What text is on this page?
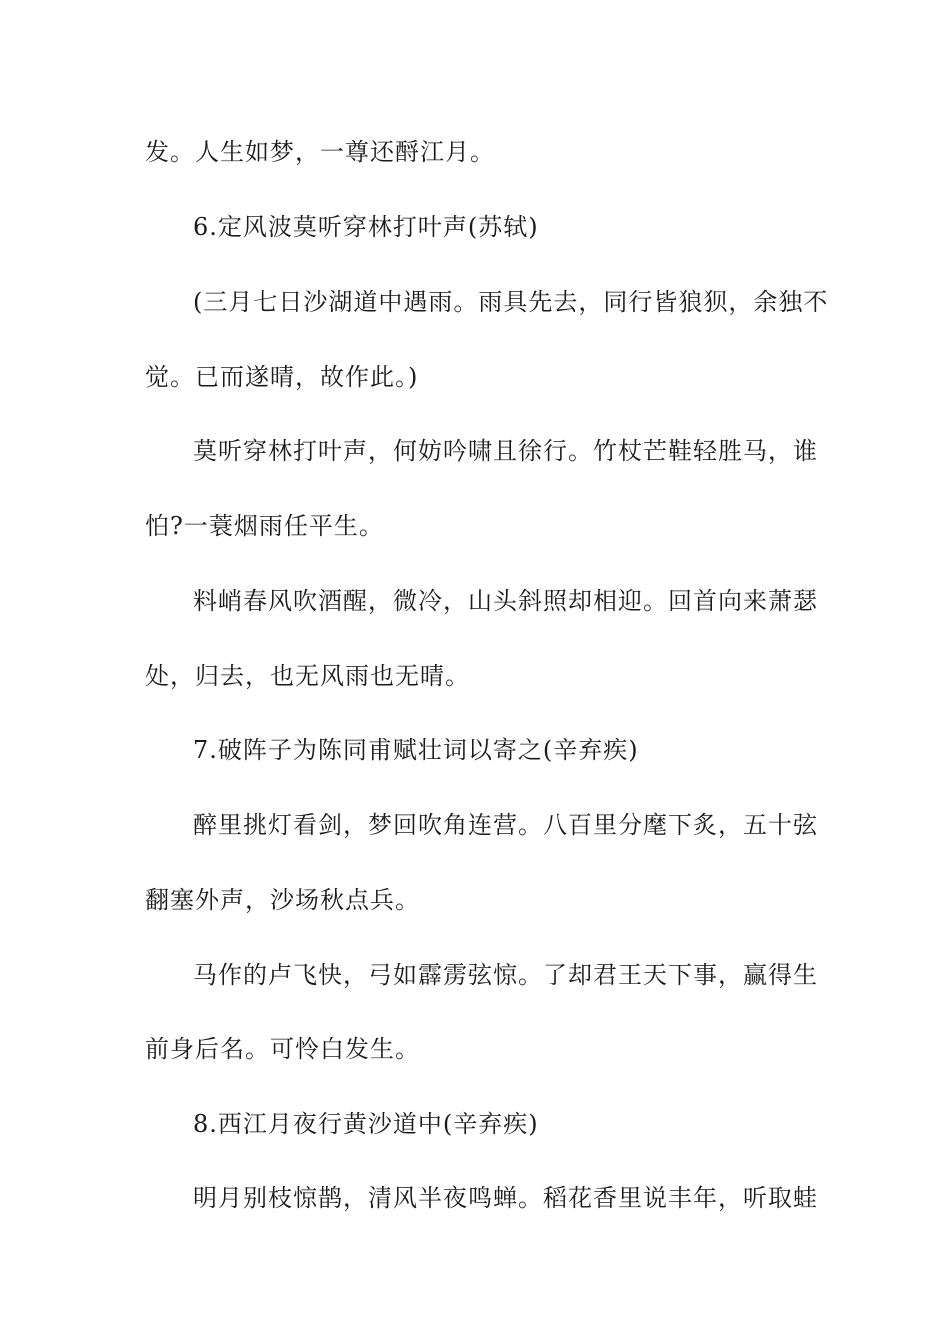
发。人生如梦，一尊还酹江月。
6.定风波莫听穿林打叶声(苏轼)
(三月七日沙湖道中遇雨。雨具先去，同行皆狼狈，余独不
觉。已而遂晴，故作此。)
莫听穿林打叶声，何妨吟啸且徐行。竹杖芒鞋轻胜马，谁
怕?一蓑烟雨任平生。
料峭春风吹酒醒，微冷，山头斜照却相迎。回首向来萧瑟
处，归去，也无风雨也无晴。
7.破阵子为陈同甫赋壮词以寄之(辛弃疾)
醉里挑灯看剑，梦回吹角连营。八百里分麾下炙，五十弦
翻塞外声，沙场秋点兵。
马作的卢飞快，弓如霹雳弦惊。了却君王天下事，赢得生
前身后名。可怜白发生。
8.西江月夜行黄沙道中(辛弃疾)
明月别枝惊鹊，清风半夜鸣蝉。稻花香里说丰年，听取蛙
